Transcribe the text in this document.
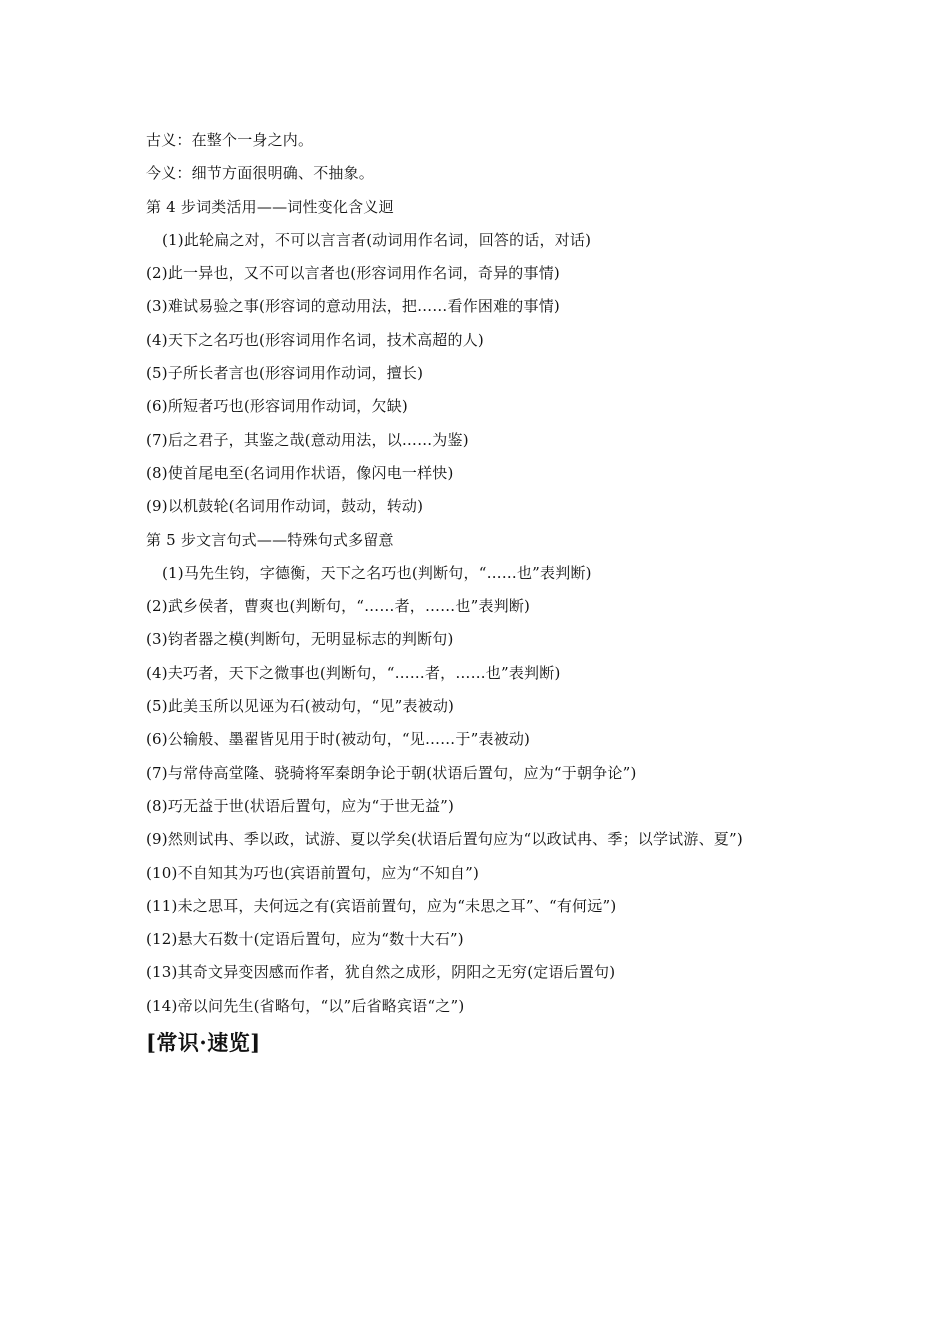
古义：在整个一身之内。
今义：细节方面很明确、不抽象。
第 4 步词类活用——词性变化含义迥
(1)此轮扁之对，不可以言言者(动词用作名词，回答的话，对话)
(2)此一异也，又不可以言者也(形容词用作名词，奇异的事情)
(3)难试易验之事(形容词的意动用法，把……看作困难的事情)
(4)天下之名巧也(形容词用作名词，技术高超的人)
(5)子所长者言也(形容词用作动词，擅长)
(6)所短者巧也(形容词用作动词，欠缺)
(7)后之君子，其鉴之哉(意动用法，以……为鉴)
(8)使首尾电至(名词用作状语，像闪电一样快)
(9)以机鼓轮(名词用作动词，鼓动，转动)
第 5 步文言句式——特殊句式多留意
(1)马先生钧，字德衡，天下之名巧也(判断句，“……也”表判断)
(2)武乡侯者，曹爽也(判断句，“……者，……也”表判断)
(3)钧者器之模(判断句，无明显标志的判断句)
(4)夫巧者，天下之微事也(判断句，“……者，……也”表判断)
(5)此美玉所以见诬为石(被动句，“见”表被动)
(6)公输般、墨翟皆见用于时(被动句，“见……于”表被动)
(7)与常侍高堂隆、骁骑将军秦朗争论于朝(状语后置句，应为“于朝争论”)
(8)巧无益于世(状语后置句，应为“于世无益”)
(9)然则试冉、季以政，试游、夏以学矣(状语后置句应为“以政试冉、季；以学试游、夏”)
(10)不自知其为巧也(宾语前置句，应为“不知自”)
(11)未之思耳，夫何远之有(宾语前置句，应为“未思之耳”、“有何远”)
(12)悬大石数十(定语后置句，应为“数十大石”)
(13)其奇文异变因感而作者，犹自然之成形，阴阳之无穷(定语后置句)
(14)帝以问先生(省略句，“以”后省略宾语“之”)
[常识·速览]
